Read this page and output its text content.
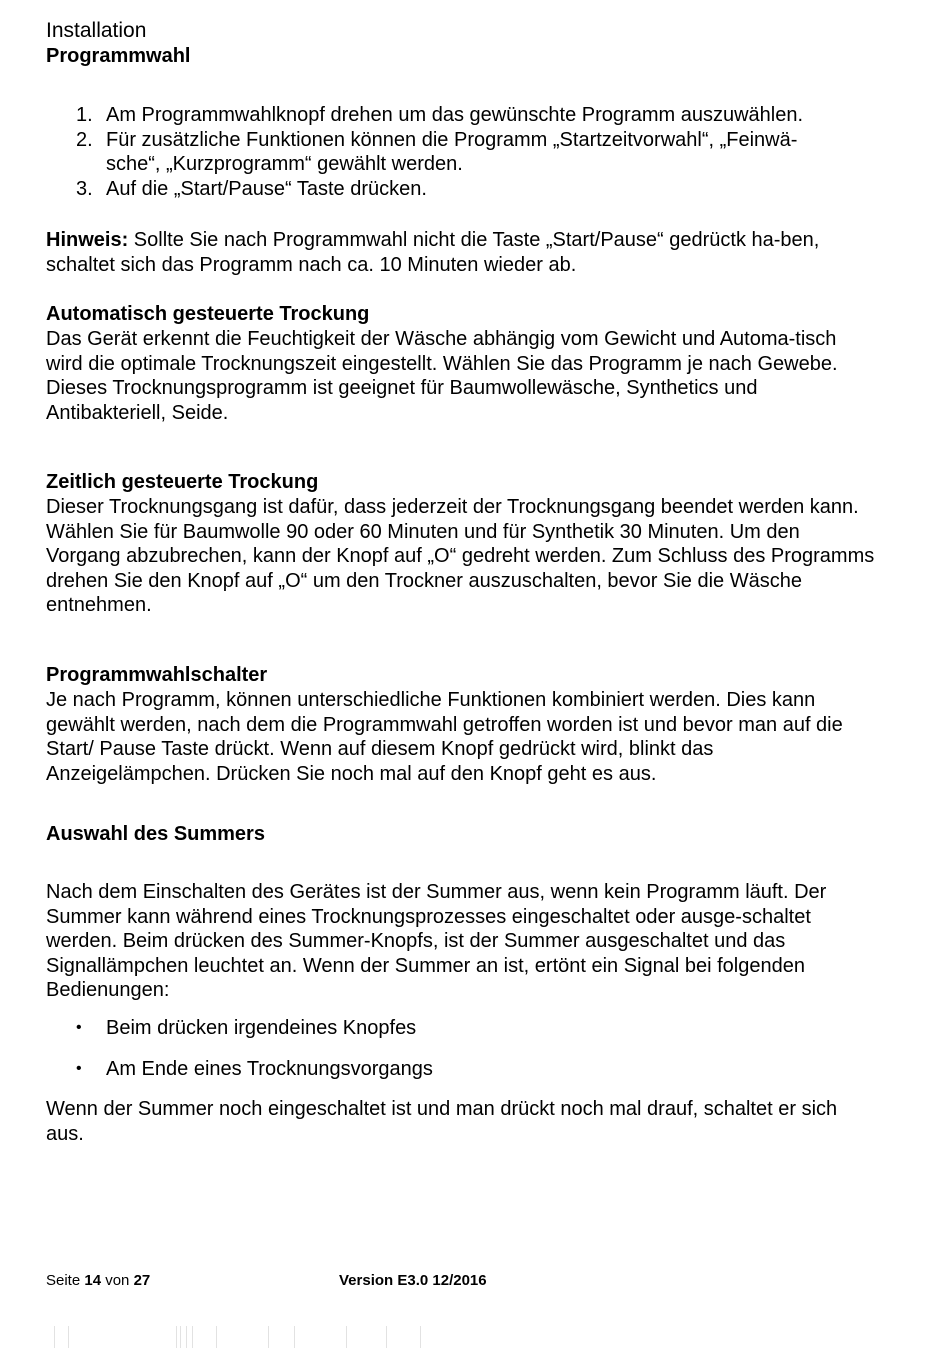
Installation
Programmwahl
1. Am Programmwahlknopf drehen um das gewünschte Programm auszuwählen.
2. Für zusätzliche Funktionen können die Programm „Startzeitvorwahl“, „Feinwä-sche“, „Kurzprogramm“ gewählt werden.
3. Auf die „Start/Pause“ Taste drücken.
Hinweis: Sollte Sie nach Programmwahl nicht die Taste „Start/Pause“ gedrüctk ha-ben, schaltet sich das Programm nach ca. 10 Minuten wieder ab.
Automatisch gesteuerte Trockung
Das Gerät erkennt die Feuchtigkeit der Wäsche abhängig vom Gewicht und Automa-tisch wird die optimale Trocknungszeit eingestellt. Wählen Sie das Programm je nach Gewebe. Dieses Trocknungsprogramm ist geeignet für Baumwollewäsche, Synthetics und Antibakteriell, Seide.
Zeitlich gesteuerte Trockung
Dieser Trocknungsgang ist dafür, dass jederzeit der Trocknungsgang beendet werden kann. Wählen Sie für Baumwolle 90 oder 60 Minuten und für Synthetik 30 Minuten. Um den Vorgang abzubrechen, kann der Knopf auf „O“ gedreht werden. Zum Schluss des Programms drehen Sie den Knopf auf „O“ um den Trockner auszuschalten, bevor Sie die Wäsche entnehmen.
Programmwahlschalter
Je nach Programm, können unterschiedliche Funktionen kombiniert werden. Dies kann gewählt werden, nach dem die Programmwahl getroffen worden ist und bevor man auf die Start/ Pause Taste drückt. Wenn auf diesem Knopf gedrückt wird, blinkt das Anzeigelämpchen. Drücken Sie noch mal auf den Knopf geht es aus.
Auswahl des Summers
Nach dem Einschalten des Gerätes ist der Summer aus, wenn kein Programm läuft. Der Summer kann während eines Trocknungsprozesses eingeschaltet oder ausge-schaltet werden. Beim drücken des Summer-Knopfs, ist der Summer ausgeschaltet und das Signallämpchen leuchtet an. Wenn der Summer an ist, ertönt ein Signal bei folgenden Bedienungen:
• Beim drücken irgendeines Knopfes
• Am Ende eines Trocknungsvorgangs
Wenn der Summer noch eingeschaltet ist und man drückt noch mal drauf, schaltet er sich aus.
Seite 14 von 27	Version E3.0 12/2016
